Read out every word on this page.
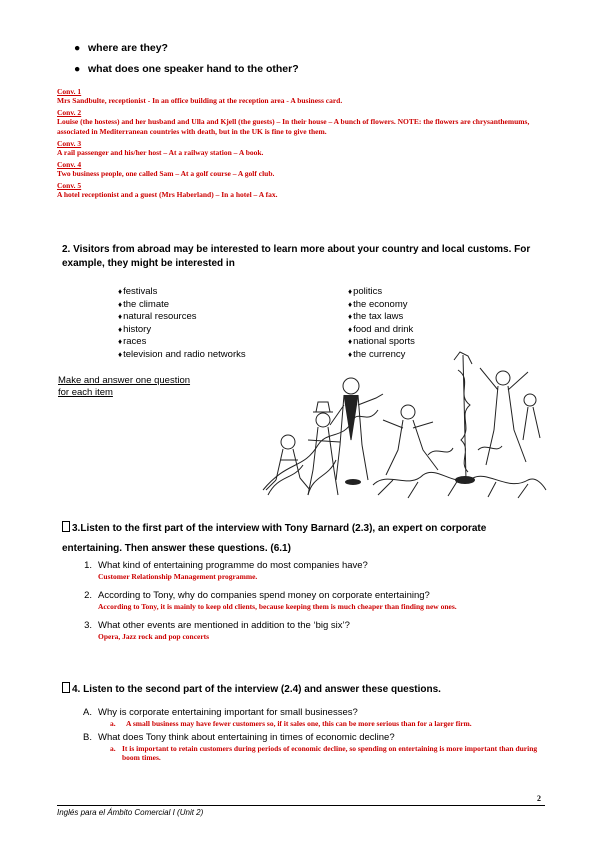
● where are they?
● what does one speaker hand to the other?
Conv. 1
Mrs Sandbulte, receptionist - In an office building at the reception area - A business card.
Conv. 2
Louise (the hostess) and her husband and Ulla and Kjell (the guests) – In their house – A bunch of flowers. NOTE: the flowers are chrysanthemums, associated in Mediterranean countries with death, but in the UK is fine to give them.
Conv. 3
A rail passenger and his/her host – At a railway station – A book.
Conv. 4
Two business people, one called Sam – At a golf course – A golf club.
Conv. 5
A hotel receptionist and a guest (Mrs Haberland) – In a hotel – A fax.
2. Visitors from abroad may be interested to learn more about your country and local customs. For example, they might be interested in
♦festivals
♦the climate
♦natural resources
♦history
♦races
♦television and radio networks
♦politics
♦the economy
♦the tax laws
♦food and drink
♦national sports
♦the currency
Make and answer one question
for each item
3.Listen to the first part of the interview with Tony Barnard (2.3), an expert on corporate entertaining. Then answer these questions. (6.1)
1. What kind of entertaining programme do most companies have?
Customer Relationship Management programme.
2. According to Tony, why do companies spend money on corporate entertaining?
According to Tony, it is mainly to keep old clients, because keeping them is much cheaper than finding new ones.
3. What other events are mentioned in addition to the ‘big six’?
Opera, Jazz rock and pop concerts
4. Listen to the second part of the interview (2.4) and answer these questions.
A. Why is corporate entertaining important for small businesses?
a.	A small business may have fewer customers so, if it sales one, this can be more serious than for a larger firm.
B. What does Tony think about entertaining in times of economic decline?
a. It is important to retain customers during periods of economic decline, so spending on entertaining is more important than during boom times.
2
Inglés para el Ámbito Comercial I (Unit 2)
